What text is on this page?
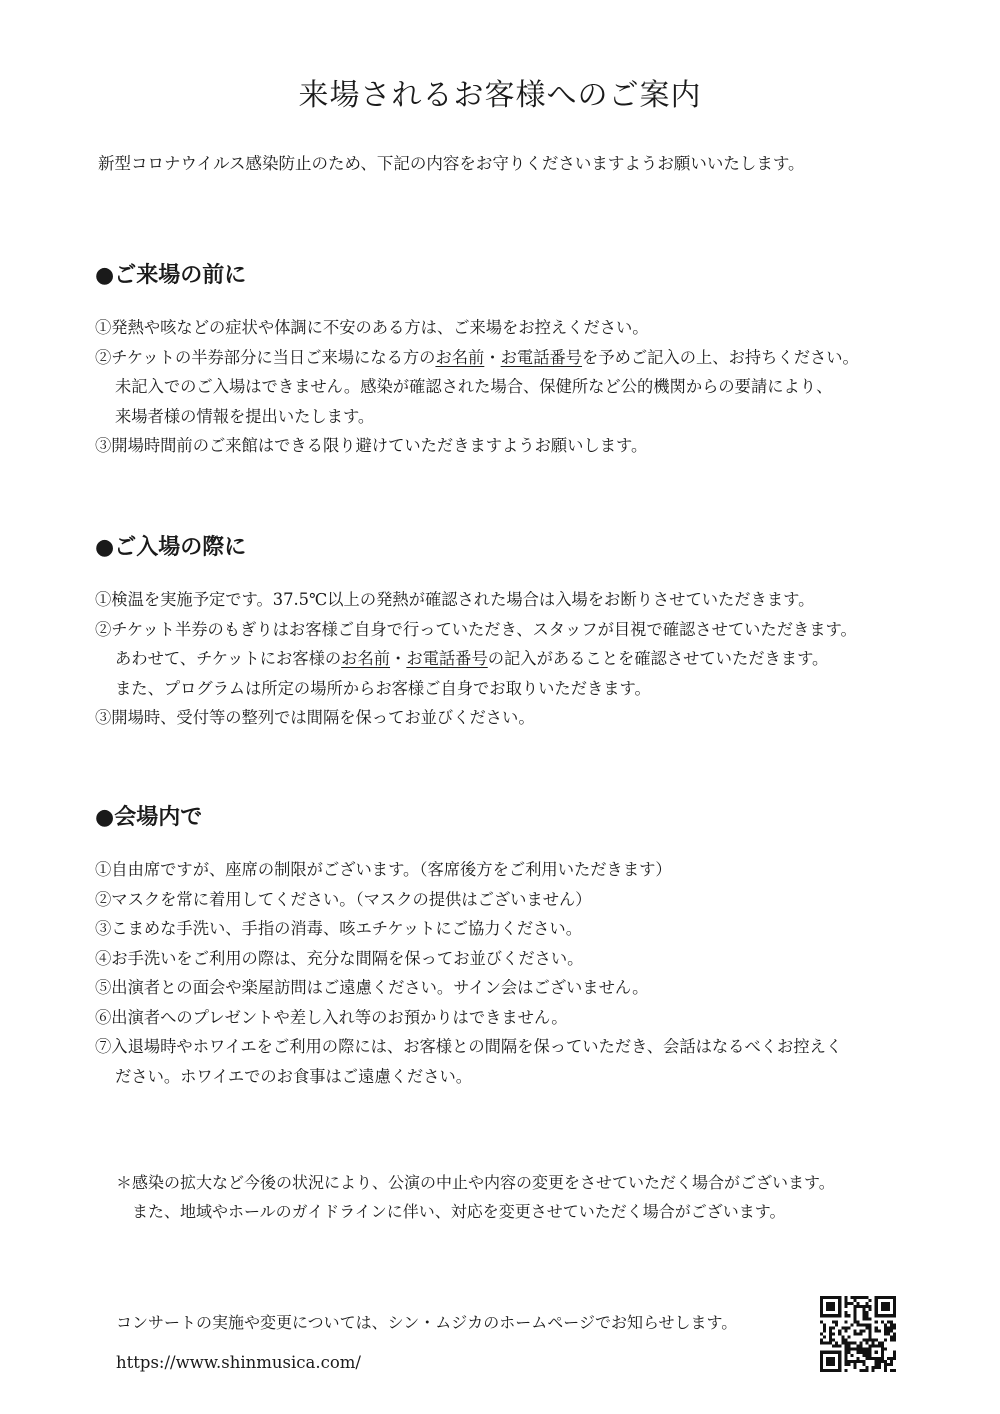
来場されるお客様へのご案内

新型コロナウイルス感染防止のため、下記の内容をお守りくださいますようお願いいたします。

●ご来場の前に
①発熱や咳などの症状や体調に不安のある方は、ご来場をお控えください。
②チケットの半券部分に当日ご来場になる方のお名前・お電話番号を予めご記入の上、お持ちください。
未記入でのご入場はできません。感染が確認された場合、保健所など公的機関からの要請により、
来場者様の情報を提出いたします。
③開場時間前のご来館はできる限り避けていただきますようお願いします。
●ご入場の際に
①検温を実施予定です。37.5℃以上の発熱が確認された場合は入場をお断りさせていただきます。
②チケット半券のもぎりはお客様ご自身で行っていただき、スタッフが目視で確認させていただきます。
あわせて、チケットにお客様のお名前・お電話番号の記入があることを確認させていただきます。
また、プログラムは所定の場所からお客様ご自身でお取りいただきます。
③開場時、受付等の整列では間隔を保ってお並びください。
●会場内で
①自由席ですが、座席の制限がございます。（客席後方をご利用いただきます）
②マスクを常に着用してください。（マスクの提供はございません）
③こまめな手洗い、手指の消毒、咳エチケットにご協力ください。
④お手洗いをご利用の際は、充分な間隔を保ってお並びください。
⑤出演者との面会や楽屋訪問はご遠慮ください。サイン会はございません。
⑥出演者へのプレゼントや差し入れ等のお預かりはできません。
⑦入退場時やホワイエをご利用の際には、お客様との間隔を保っていただき、会話はなるべくお控えく
ださい。ホワイエでのお食事はご遠慮ください。
＊感染の拡大など今後の状況により、公演の中止や内容の変更をさせていただく場合がございます。
また、地域やホールのガイドラインに伴い、対応を変更させていただく場合がございます。
コンサートの実施や変更については、シン・ムジカのホームページでお知らせします。
https://www.shinmusica.com/
